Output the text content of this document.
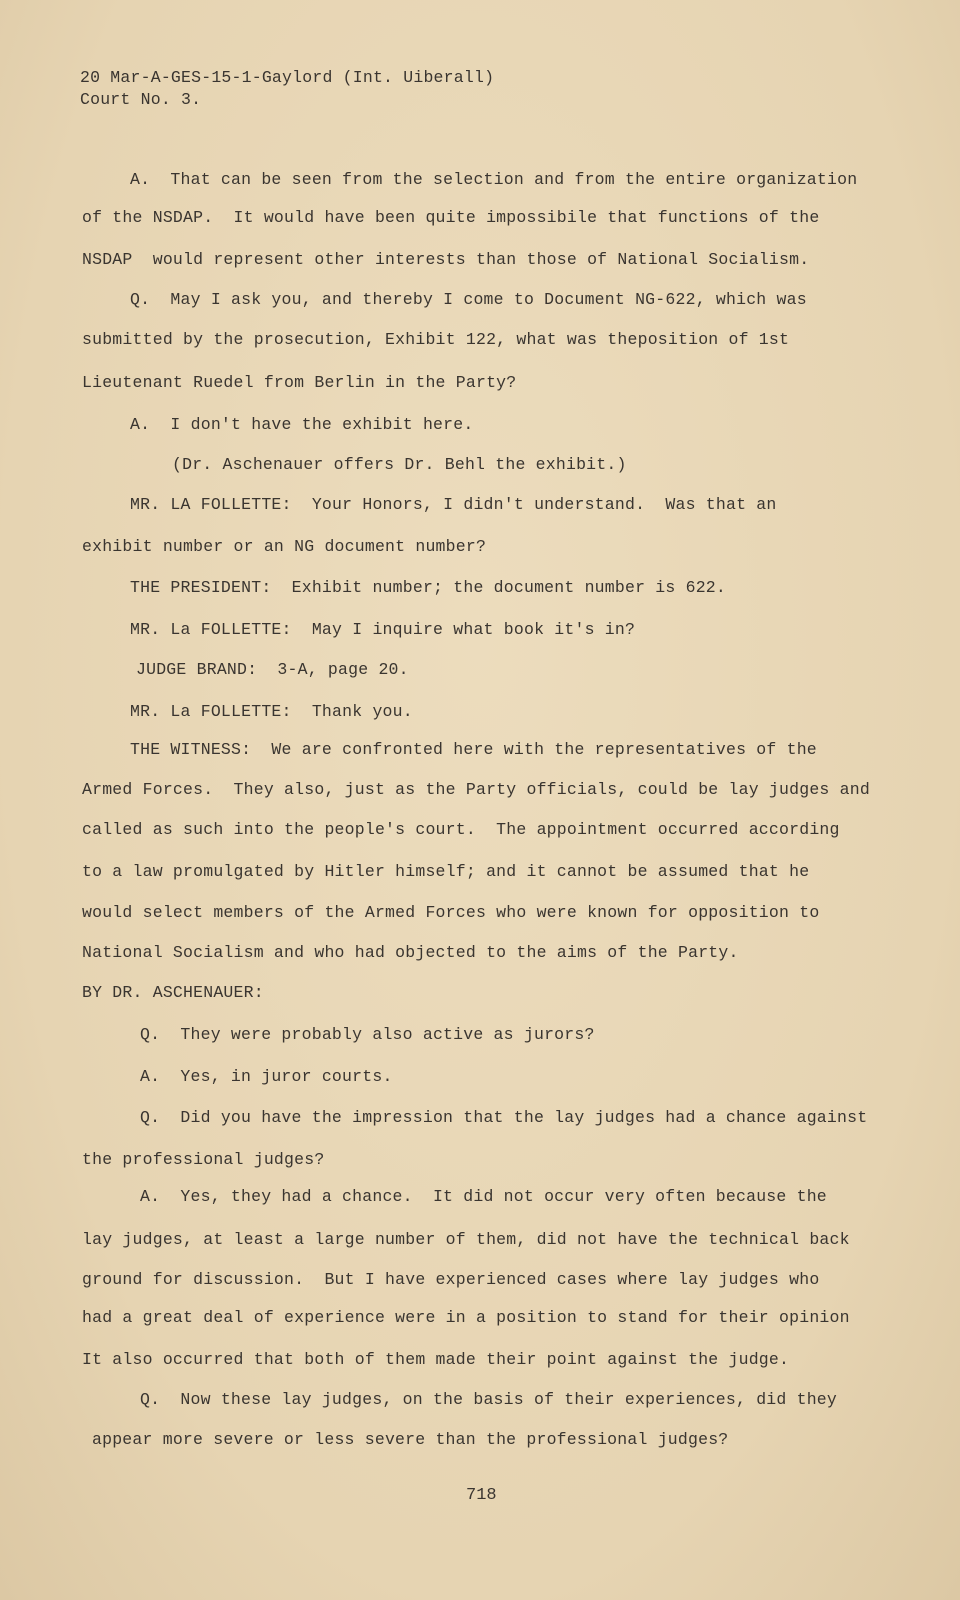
20 Mar-A-GES-15-1-Gaylord (Int. Uiberall)
Court No. 3.
A.  That can be seen from the selection and from the entire organization
of the NSDAP.  It would have been quite impossibile that functions of the
NSDAP  would represent other interests than those of National Socialism.
Q.  May I ask you, and thereby I come to Document NG-622, which was
submitted by the prosecution, Exhibit 122, what was theposition of 1st
Lieutenant Ruedel from Berlin in the Party?
A.  I don't have the exhibit here.
(Dr. Aschenauer offers Dr. Behl the exhibit.)
MR. LA FOLLETTE:  Your Honors, I didn't understand.  Was that an
exhibit number or an NG document number?
THE PRESIDENT:  Exhibit number; the document number is 622.
MR. La FOLLETTE:  May I inquire what book it's in?
JUDGE BRAND:  3-A, page 20.
MR. La FOLLETTE:  Thank you.
THE WITNESS:  We are confronted here with the representatives of the
Armed Forces.  They also, just as the Party officials, could be lay judges and
called as such into the people's court.  The appointment occurred according
to a law promulgated by Hitler himself; and it cannot be assumed that he
would select members of the Armed Forces who were known for opposition to
National Socialism and who had objected to the aims of the Party.
BY DR. ASCHENAUER:
Q.  They were probably also active as jurors?
A.  Yes, in juror courts.
Q.  Did you have the impression that the lay judges had a chance against
the professional judges?
A.  Yes, they had a chance.  It did not occur very often because the
lay judges, at least a large number of them, did not have the technical back
ground for discussion.  But I have experienced cases where lay judges who
had a great deal of experience were in a position to stand for their opinion
It also occurred that both of them made their point against the judge.
Q.  Now these lay judges, on the basis of their experiences, did they
appear more severe or less severe than the professional judges?
718
